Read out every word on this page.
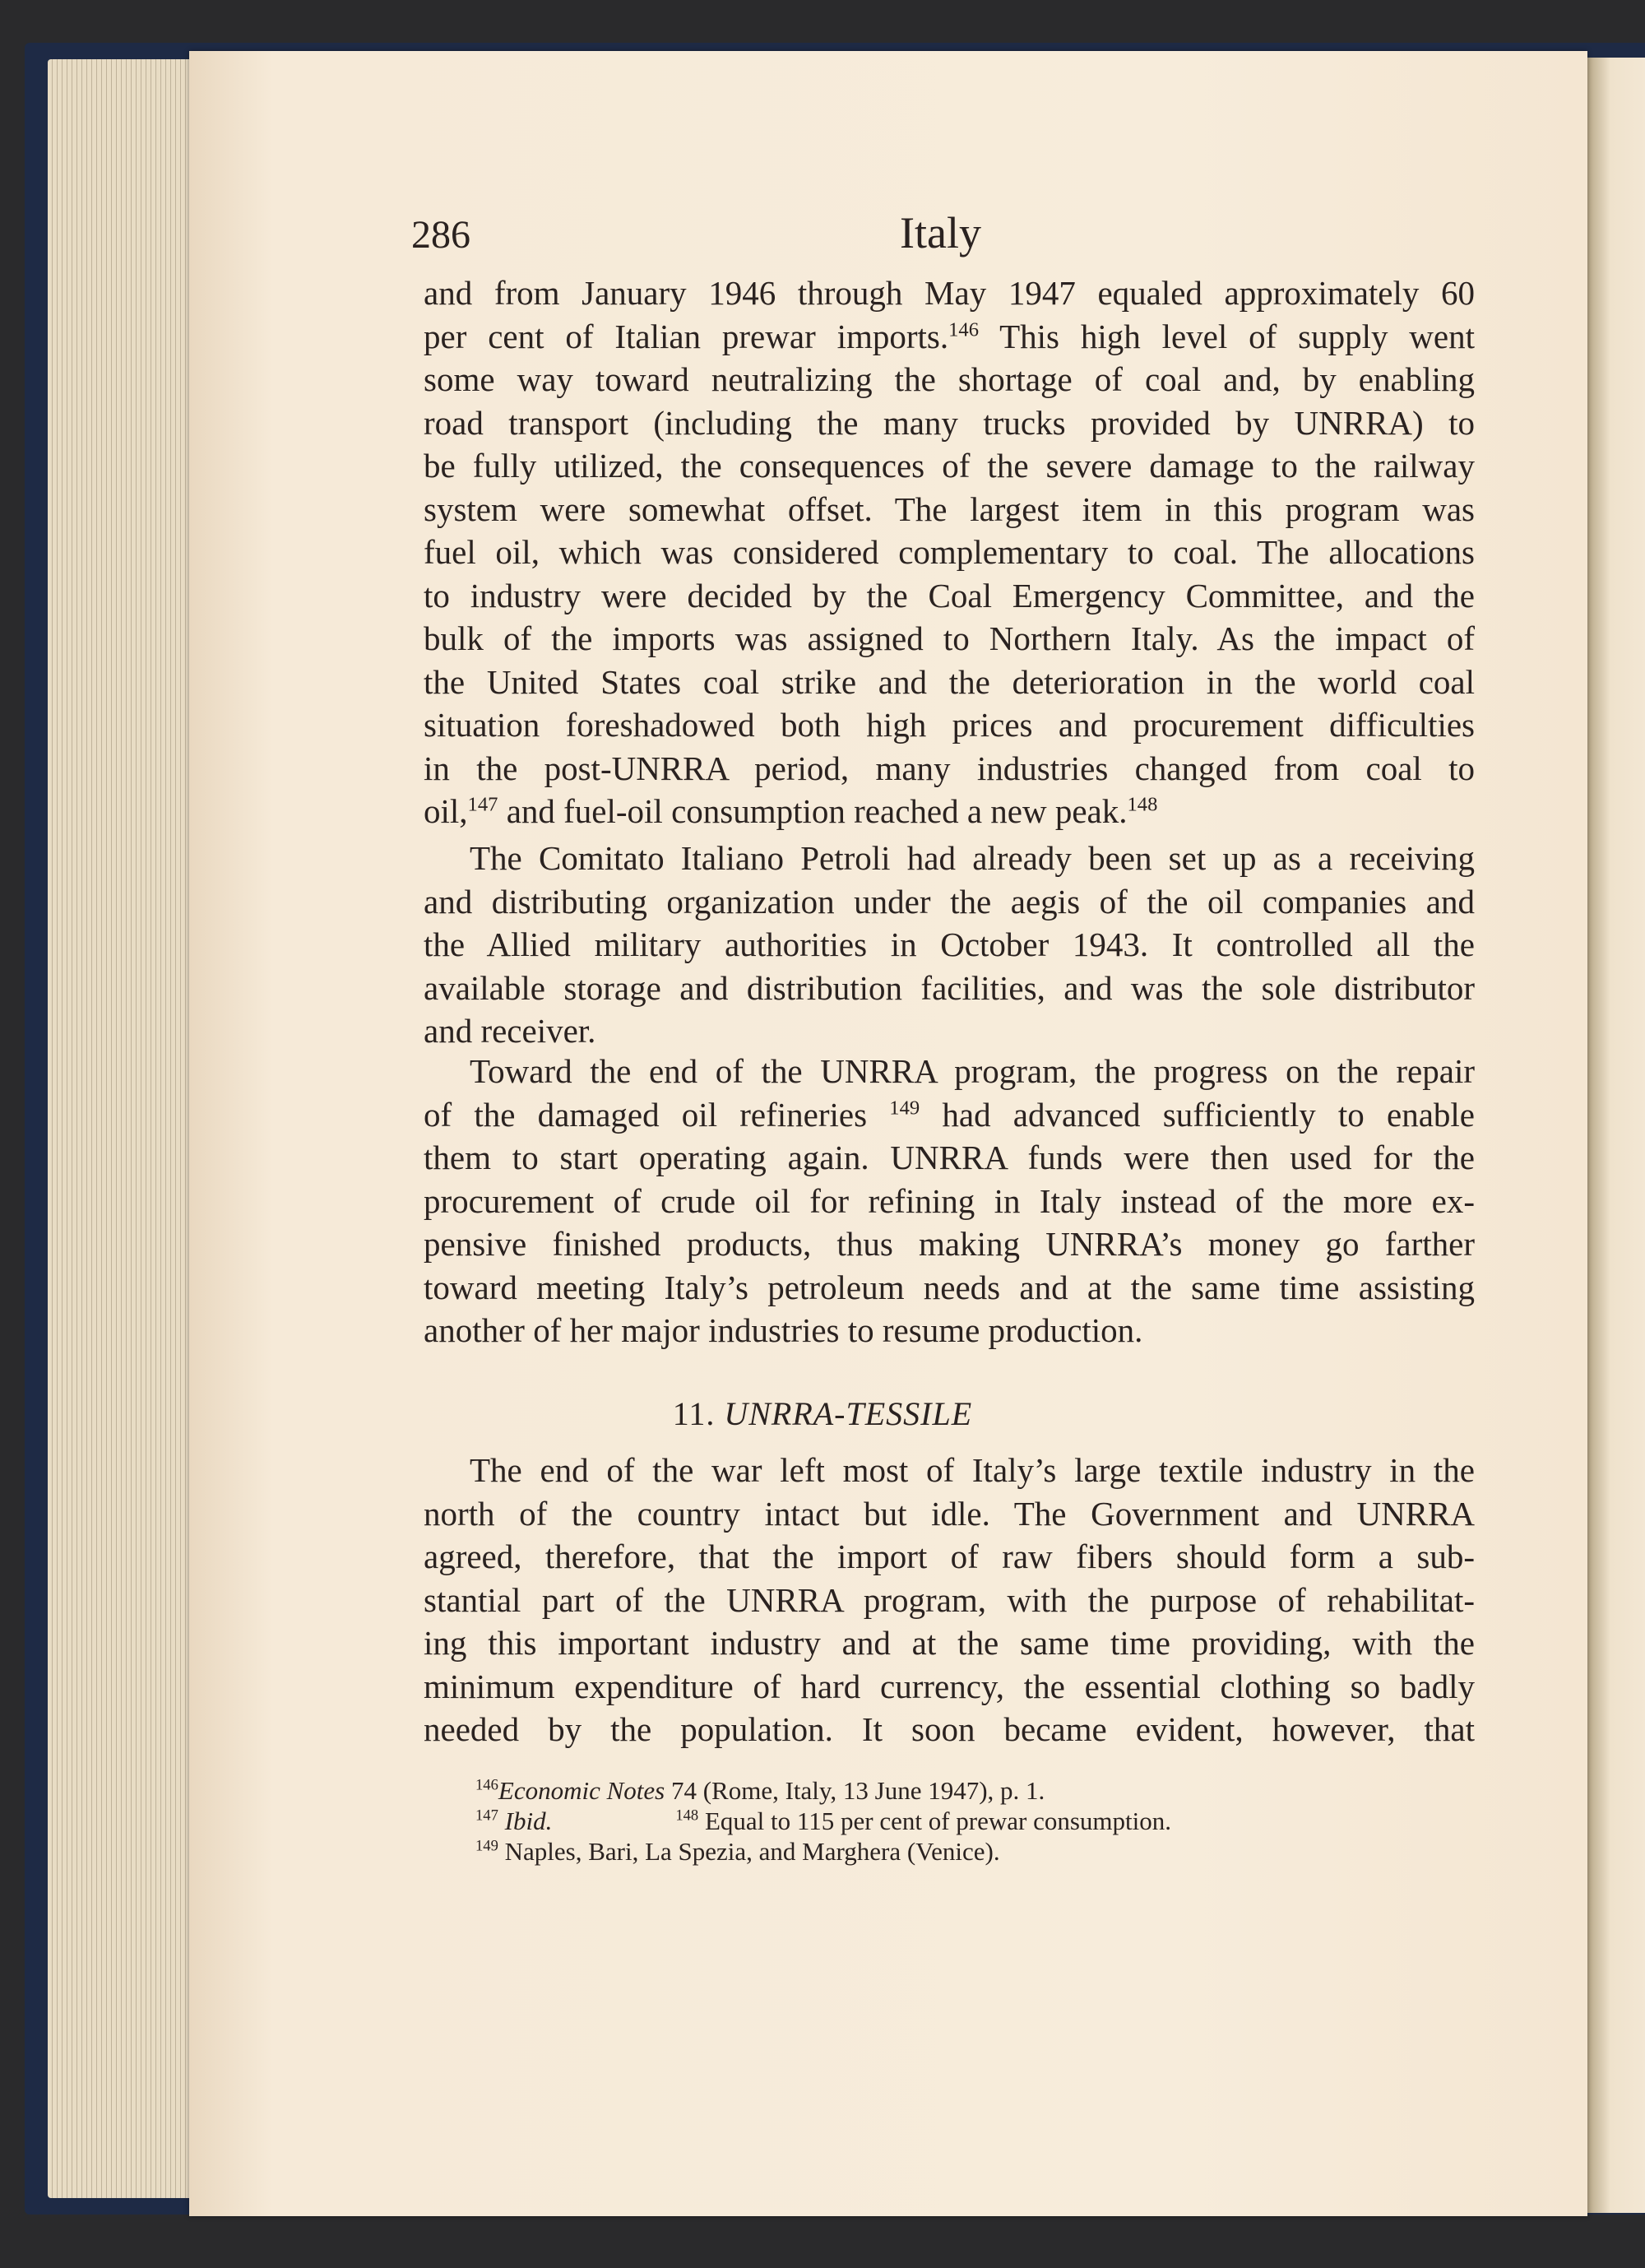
286	Italy
and from January 1946 through May 1947 equaled approximately 60
per cent of Italian prewar imports.$^{146}$ This high level of supply went
some way toward neutralizing the shortage of coal and, by enabling
road transport (including the many trucks provided by UNRRA) to
be fully utilized, the consequences of the severe damage to the railway
system were somewhat offset. The largest item in this program was
fuel oil, which was considered complementary to coal. The allocations
to industry were decided by the Coal Emergency Committee, and the
bulk of the imports was assigned to Northern Italy. As the impact of
the United States coal strike and the deterioration in the world coal
situation foreshadowed both high prices and procurement difficulties
in the post-UNRRA period, many industries changed from coal to
oil,$^{147}$ and fuel-oil consumption reached a new peak.$^{148}$
The Comitato Italiano Petroli had already been set up as a receiving
and distributing organization under the aegis of the oil companies and
the Allied military authorities in October 1943. It controlled all the
available storage and distribution facilities, and was the sole distributor
and receiver.
Toward the end of the UNRRA program, the progress on the repair
of the damaged oil refineries $^{149}$ had advanced sufficiently to enable
them to start operating again. UNRRA funds were then used for the
procurement of crude oil for refining in Italy instead of the more ex-
pensive finished products, thus making UNRRA’s money go farther
toward meeting Italy’s petroleum needs and at the same time assisting
another of her major industries to resume production.
11. UNRRA-TESSILE
The end of the war left most of Italy’s large textile industry in the
north of the country intact but idle. The Government and UNRRA
agreed, therefore, that the import of raw fibers should form a sub-
stantial part of the UNRRA program, with the purpose of rehabilitat-
ing this important industry and at the same time providing, with the
minimum expenditure of hard currency, the essential clothing so badly
needed by the population. It soon became evident, however, that
$^{146}$Economic Notes 74 (Rome, Italy, 13 June 1947), p. 1.
$^{147}$ Ibid.	$^{148}$ Equal to 115 per cent of prewar consumption.
$^{149}$ Naples, Bari, La Spezia, and Marghera (Venice).
